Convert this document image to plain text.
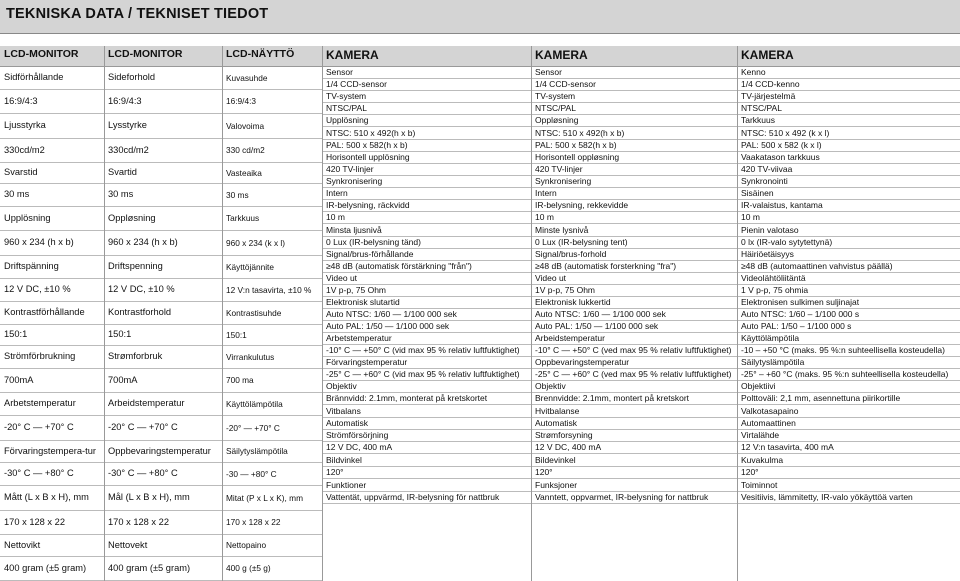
TEKNISKA DATA / TEKNISET TIEDOT
LCD-MONITOR
Sidförhållande
16:9/4:3
Ljusstyrka
330cd/m2
Svarstid
30 ms
Upplösning
960 x 234 (h x b)
Driftspänning
12 V DC, ±10 %
Kontrastförhållande
150:1
Strömförbrukning
700mA
Arbetstemperatur
-20° C — +70° C
Förvaringstempera-tur
-30° C — +80° C
Mått (L x B x H), mm
170 x 128 x 22
Nettovikt
400 gram (±5 gram)
LCD-MONITOR
Sideforhold
16:9/4:3
Lysstyrke
330cd/m2
Svartid
30 ms
Oppløsning
960 x 234 (h x b)
Driftspenning
12 V DC, ±10 %
Kontrastforhold
150:1
Strømforbruk
700mA
Arbeidstemperatur
-20° C — +70° C
Oppbevaringstemperatur
-30° C — +80° C
Mål (L x B x H), mm
170 x 128 x 22
Nettovekt
400 gram (±5 gram)
LCD-NÄYTTÖ
Kuvasuhde
16:9/4:3
Valovoima
330 cd/m2
Vasteaika
30 ms
Tarkkuus
960 x 234 (k x l)
Käyttöjännite
12 V:n tasavirta, ±10 %
Kontrastisuhde
150:1
Virrankulutus
700 ma
Käyttölämpötila
-20° — +70° C
Säilytyslämpötila
-30 — +80° C
Mitat (P x L x K), mm
170 x 128 x 22
Nettopaino
400 g (±5 g)
KAMERA
Sensor
1/4 CCD-sensor
TV-system
NTSC/PAL
Upplösning
NTSC: 510 x 492(h x b)
PAL: 500 x 582(h x b)
Horisontell upplösning
420 TV-linjer
Synkronisering
Intern
IR-belysning, räckvidd
10 m
Minsta ljusnivå
0 Lux (IR-belysning tänd)
Signal/brus-förhållande
≥48 dB (automatisk förstärkning "från")
Video ut
1V p-p, 75 Ohm
Elektronisk slutartid
Auto NTSC: 1/60 — 1/100 000 sek
Auto PAL: 1/50 — 1/100 000 sek
Arbetstemperatur
-10° C — +50° C (vid max 95 % relativ luftfuktighet)
Förvaringstemperatur
-25° C — +60° C (vid max 95 % relativ luftfuktighet)
Objektiv
Brännvidd: 2.1mm, monterat på kretskortet
Vitbalans
Automatisk
Strömförsörjning
12 V DC, 400 mA
Bildvinkel
120°
Funktioner
Vattentät, uppvärmd, IR-belysning för nattbruk
KAMERA
Sensor
1/4 CCD-sensor
TV-system
NTSC/PAL
Oppløsning
NTSC: 510 x 492(h x b)
PAL: 500 x 582(h x b)
Horisontell oppløsning
420 TV-linjer
Synkronisering
Intern
IR-belysning, rekkevidde
10 m
Minste lysnivå
0 Lux (IR-belysning tent)
Signal/brus-forhold
≥48 dB (automatisk forsterkning "fra")
Video ut
1V p-p, 75 Ohm
Elektronisk lukkertid
Auto NTSC: 1/60 — 1/100 000 sek
Auto PAL: 1/50 — 1/100 000 sek
Arbeidstemperatur
-10° C — +50° C (ved max 95 % relativ luftfuktighet)
Oppbevaringstemperatur
-25° C — +60° C (ved max 95 % relativ luftfuktighet)
Objektiv
Brennvidde: 2.1mm, montert på kretskort
Hvitbalanse
Automatisk
Strømforsyning
12 V DC, 400 mA
Bildevinkel
120°
Funksjoner
Vanntett, oppvarmet, IR-belysning for nattbruk
KAMERA
Kenno
1/4 CCD-kenno
TV-järjestelmä
NTSC/PAL
Tarkkuus
NTSC: 510 x 492 (k x l)
PAL: 500 x 582 (k x l)
Vaakatason tarkkuus
420 TV-viivaa
Synkronointi
Sisäinen
IR-valaistus, kantama
10 m
Pienin valotaso
0 lx (IR-valo sytytettynä)
Häiriöetäisyys
≥48 dB (automaattinen vahvistus päällä)
Videolähtöliitäntä
1 V p-p, 75 ohmia
Elektronisen sulkimen suljinajat
Auto NTSC: 1/60 – 1/100 000 s
Auto PAL: 1/50 – 1/100 000 s
Käyttölämpötila
-10 – +50 °C (maks. 95 %:n suhteellisella kosteudella)
Säilytyslämpötila
-25° – +60 °C (maks. 95 %:n suhteellisella kosteudella)
Objektiivi
Polttoväli: 2,1 mm, asennettuna piirikortille
Valkotasapaino
Automaattinen
Virtalähde
12 V:n tasavirta, 400 mA
Kuvakulma
120°
Toiminnot
Vesitiivis, lämmitetty, IR-valo yökäyttöä varten
